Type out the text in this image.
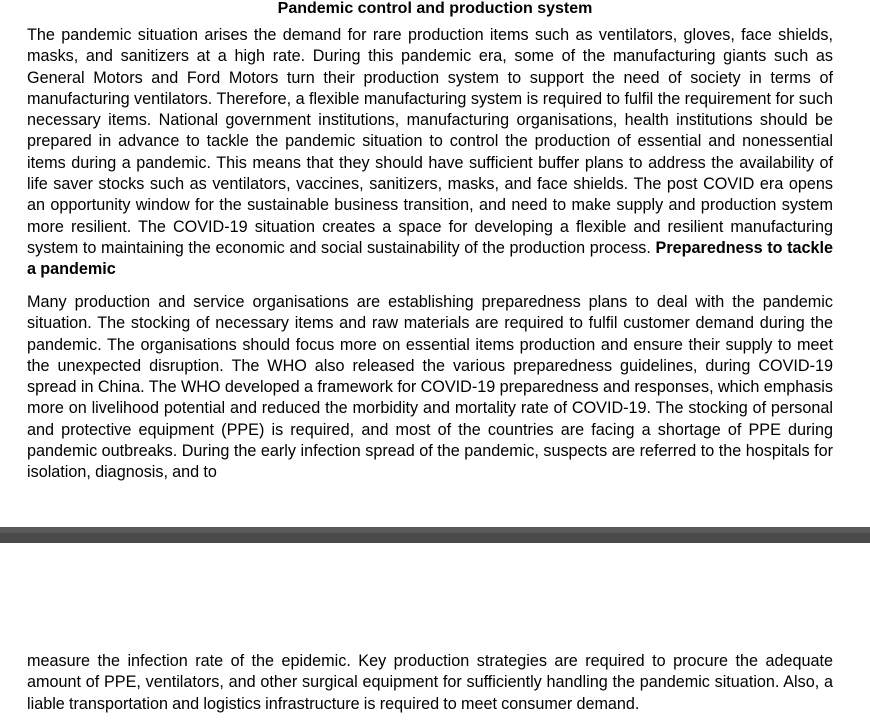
Pandemic control and production system

The pandemic situation arises the demand for rare production items such as ventilators, gloves, face shields, masks, and sanitizers at a high rate. During this pandemic era, some of the manufacturing giants such as General Motors and Ford Motors turn their production system to support the need of society in terms of manufacturing ventilators. Therefore, a flexible manufacturing system is required to fulfil the requirement for such necessary items. National government institutions, manufacturing organisations, health institutions should be prepared in advance to tackle the pandemic situation to control the production of essential and nonessential items during a pandemic. This means that they should have sufficient buffer plans to address the availability of life saver stocks such as ventilators, vaccines, sanitizers, masks, and face shields. The post COVID era opens an opportunity window for the sustainable business transition, and need to make supply and production system more resilient. The COVID-19 situation creates a space for developing a flexible and resilient manufacturing system to maintaining the economic and social sustainability of the production process. Preparedness to tackle a pandemic

Many production and service organisations are establishing preparedness plans to deal with the pandemic situation. The stocking of necessary items and raw materials are required to fulfil customer demand during the pandemic. The organisations should focus more on essential items production and ensure their supply to meet the unexpected disruption. The WHO also released the various preparedness guidelines, during COVID-19 spread in China. The WHO developed a framework for COVID-19 preparedness and responses, which emphasis more on livelihood potential and reduced the morbidity and mortality rate of COVID-19. The stocking of personal and protective equipment (PPE) is required, and most of the countries are facing a shortage of PPE during pandemic outbreaks. During the early infection spread of the pandemic, suspects are referred to the hospitals for isolation, diagnosis, and to

measure the infection rate of the epidemic. Key production strategies are required to procure the adequate amount of PPE, ventilators, and other surgical equipment for sufficiently handling the pandemic situation. Also, a liable transportation and logistics infrastructure is required to meet consumer demand.
